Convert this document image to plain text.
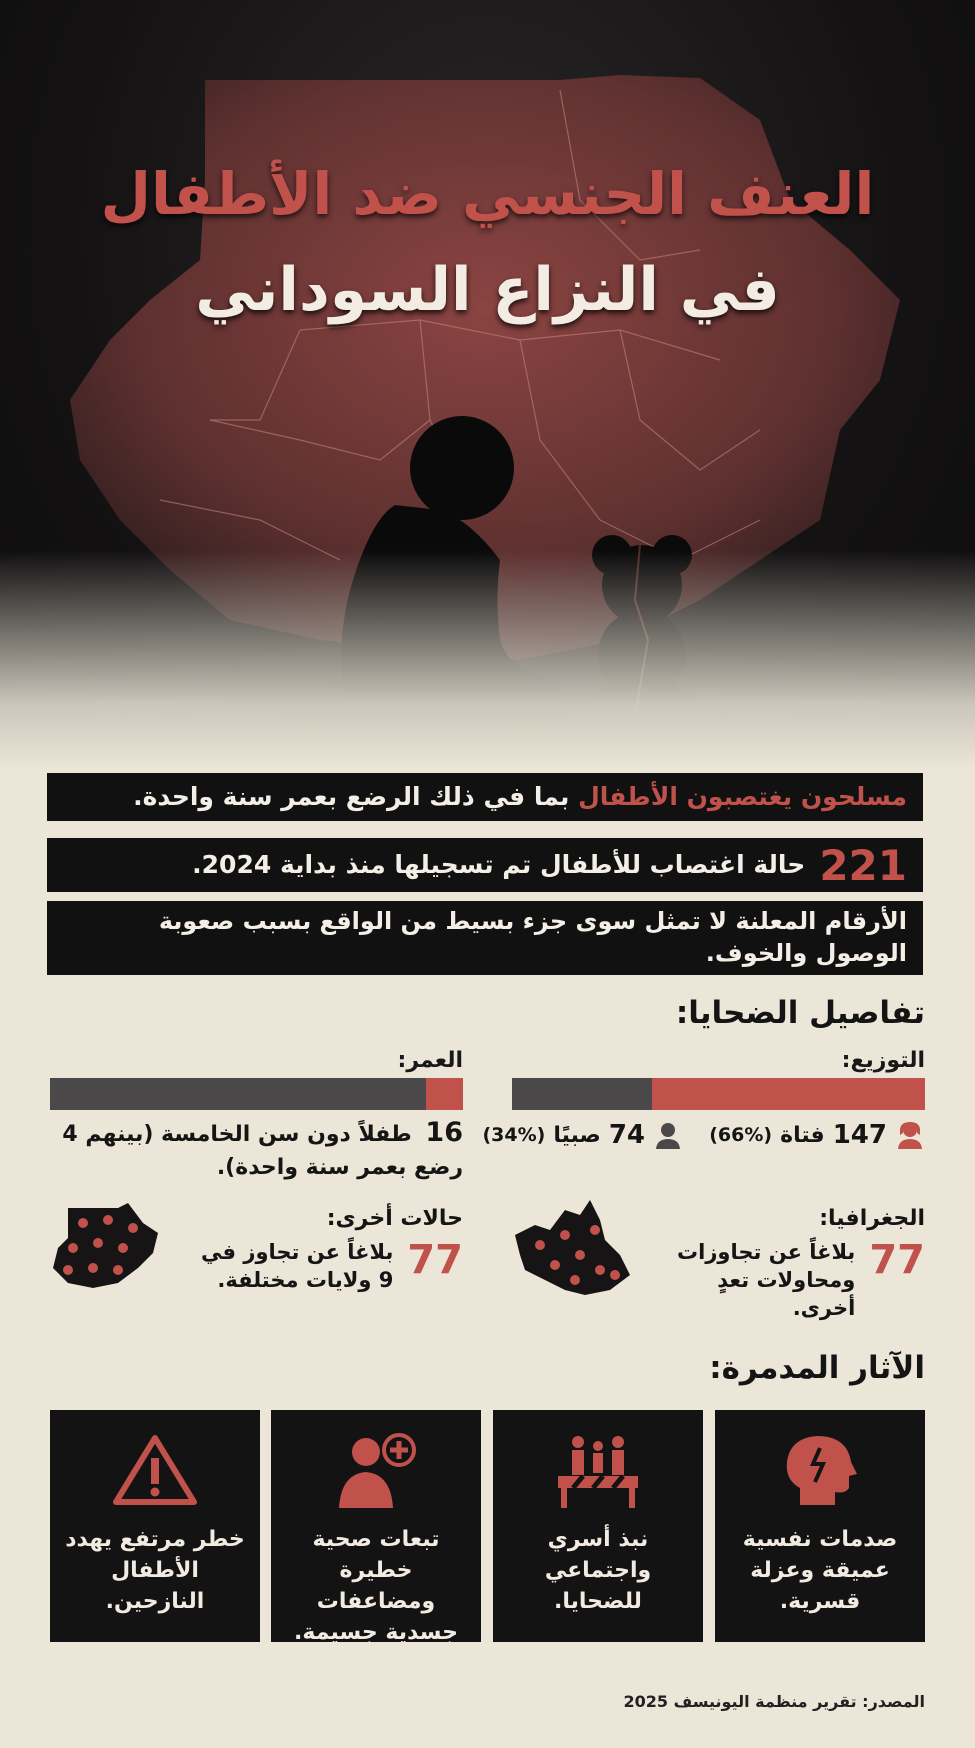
العنف الجنسي ضد الأطفال
في النزاع السوداني
مسلحون يغتصبون الأطفال بما في ذلك الرضع بعمر سنة واحدة.
221حالة اغتصاب للأطفال تم تسجيلها منذ بداية 2024.
الأرقام المعلنة لا تمثل سوى جزء بسيط من الواقع بسبب صعوبة الوصول والخوف.
تفاصيل الضحايا:
التوزيع:
العمر:
147
فتاة
(66%)
74
صبيًا
(34%)
16 طفلاً دون سن الخامسة (بينهم 4 رضع بعمر سنة واحدة).
الجغرافيا:
77
بلاغاً عن تجاوزات ومحاولات تعدٍ أخرى.
حالات أخرى:
77
بلاغاً عن تجاوز في 9 ولايات مختلفة.
الآثار المدمرة:
صدمات نفسية عميقة وعزلة قسرية.
نبذ أسري واجتماعي للضحايا.
تبعات صحية خطيرة ومضاعفات جسدية جسيمة.
خطر مرتفع يهدد الأطفال النازحين.
المصدر: تقرير منظمة اليونيسف 2025
